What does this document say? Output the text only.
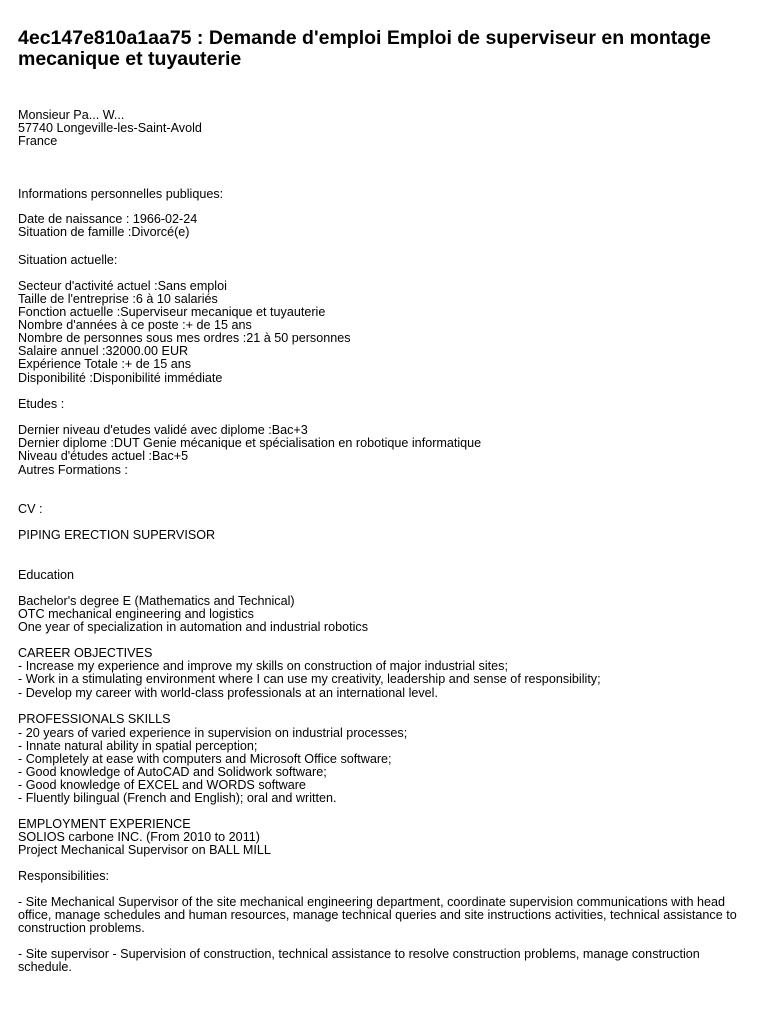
4ec147e810a1aa75 : Demande d'emploi Emploi de superviseur en montage mecanique et tuyauterie
Monsieur Pa... W...
57740 Longeville-les-Saint-Avold
France
Informations personnelles publiques:
Date de naissance : 1966-02-24
Situation de famille :Divorcé(e)
Situation actuelle:
Secteur d'activité actuel :Sans emploi
Taille de l'entreprise :6 à 10 salariés
Fonction actuelle :Superviseur mecanique et tuyauterie
Nombre d'années à ce poste :+ de 15 ans
Nombre de personnes sous mes ordres :21 à 50 personnes
Salaire annuel :32000.00 EUR
Expérience Totale :+ de 15 ans
Disponibilité :Disponibilité immédiate
Etudes :
Dernier niveau d'etudes validé avec diplome :Bac+3
Dernier diplome :DUT Genie mécanique et spécialisation en robotique informatique
Niveau d'études actuel :Bac+5
Autres Formations :
CV :
PIPING ERECTION SUPERVISOR
Education
Bachelor's degree E (Mathematics and Technical)
OTC mechanical engineering and logistics
One year of specialization in automation and industrial robotics
CAREER OBJECTIVES
- Increase my experience and improve my skills on construction of major industrial sites;
- Work in a stimulating environment where I can use my creativity, leadership and sense of responsibility;
- Develop my career with world-class professionals at an international level.
PROFESSIONALS SKILLS
- 20 years of varied experience in supervision on industrial processes;
- Innate natural ability in spatial perception;
- Completely at ease with computers and Microsoft Office software;
- Good knowledge of AutoCAD and Solidwork software;
- Good knowledge of EXCEL and WORDS software
- Fluently bilingual (French and English); oral and written.
EMPLOYMENT EXPERIENCE
SOLIOS carbone INC. (From 2010 to 2011)
Project Mechanical Supervisor on BALL MILL
Responsibilities:
- Site Mechanical Supervisor of the site mechanical engineering department, coordinate supervision communications with head office, manage schedules and human resources, manage technical queries and site instructions activities, technical assistance to construction problems.
- Site supervisor - Supervision of construction, technical assistance to resolve construction problems, manage construction schedule.
